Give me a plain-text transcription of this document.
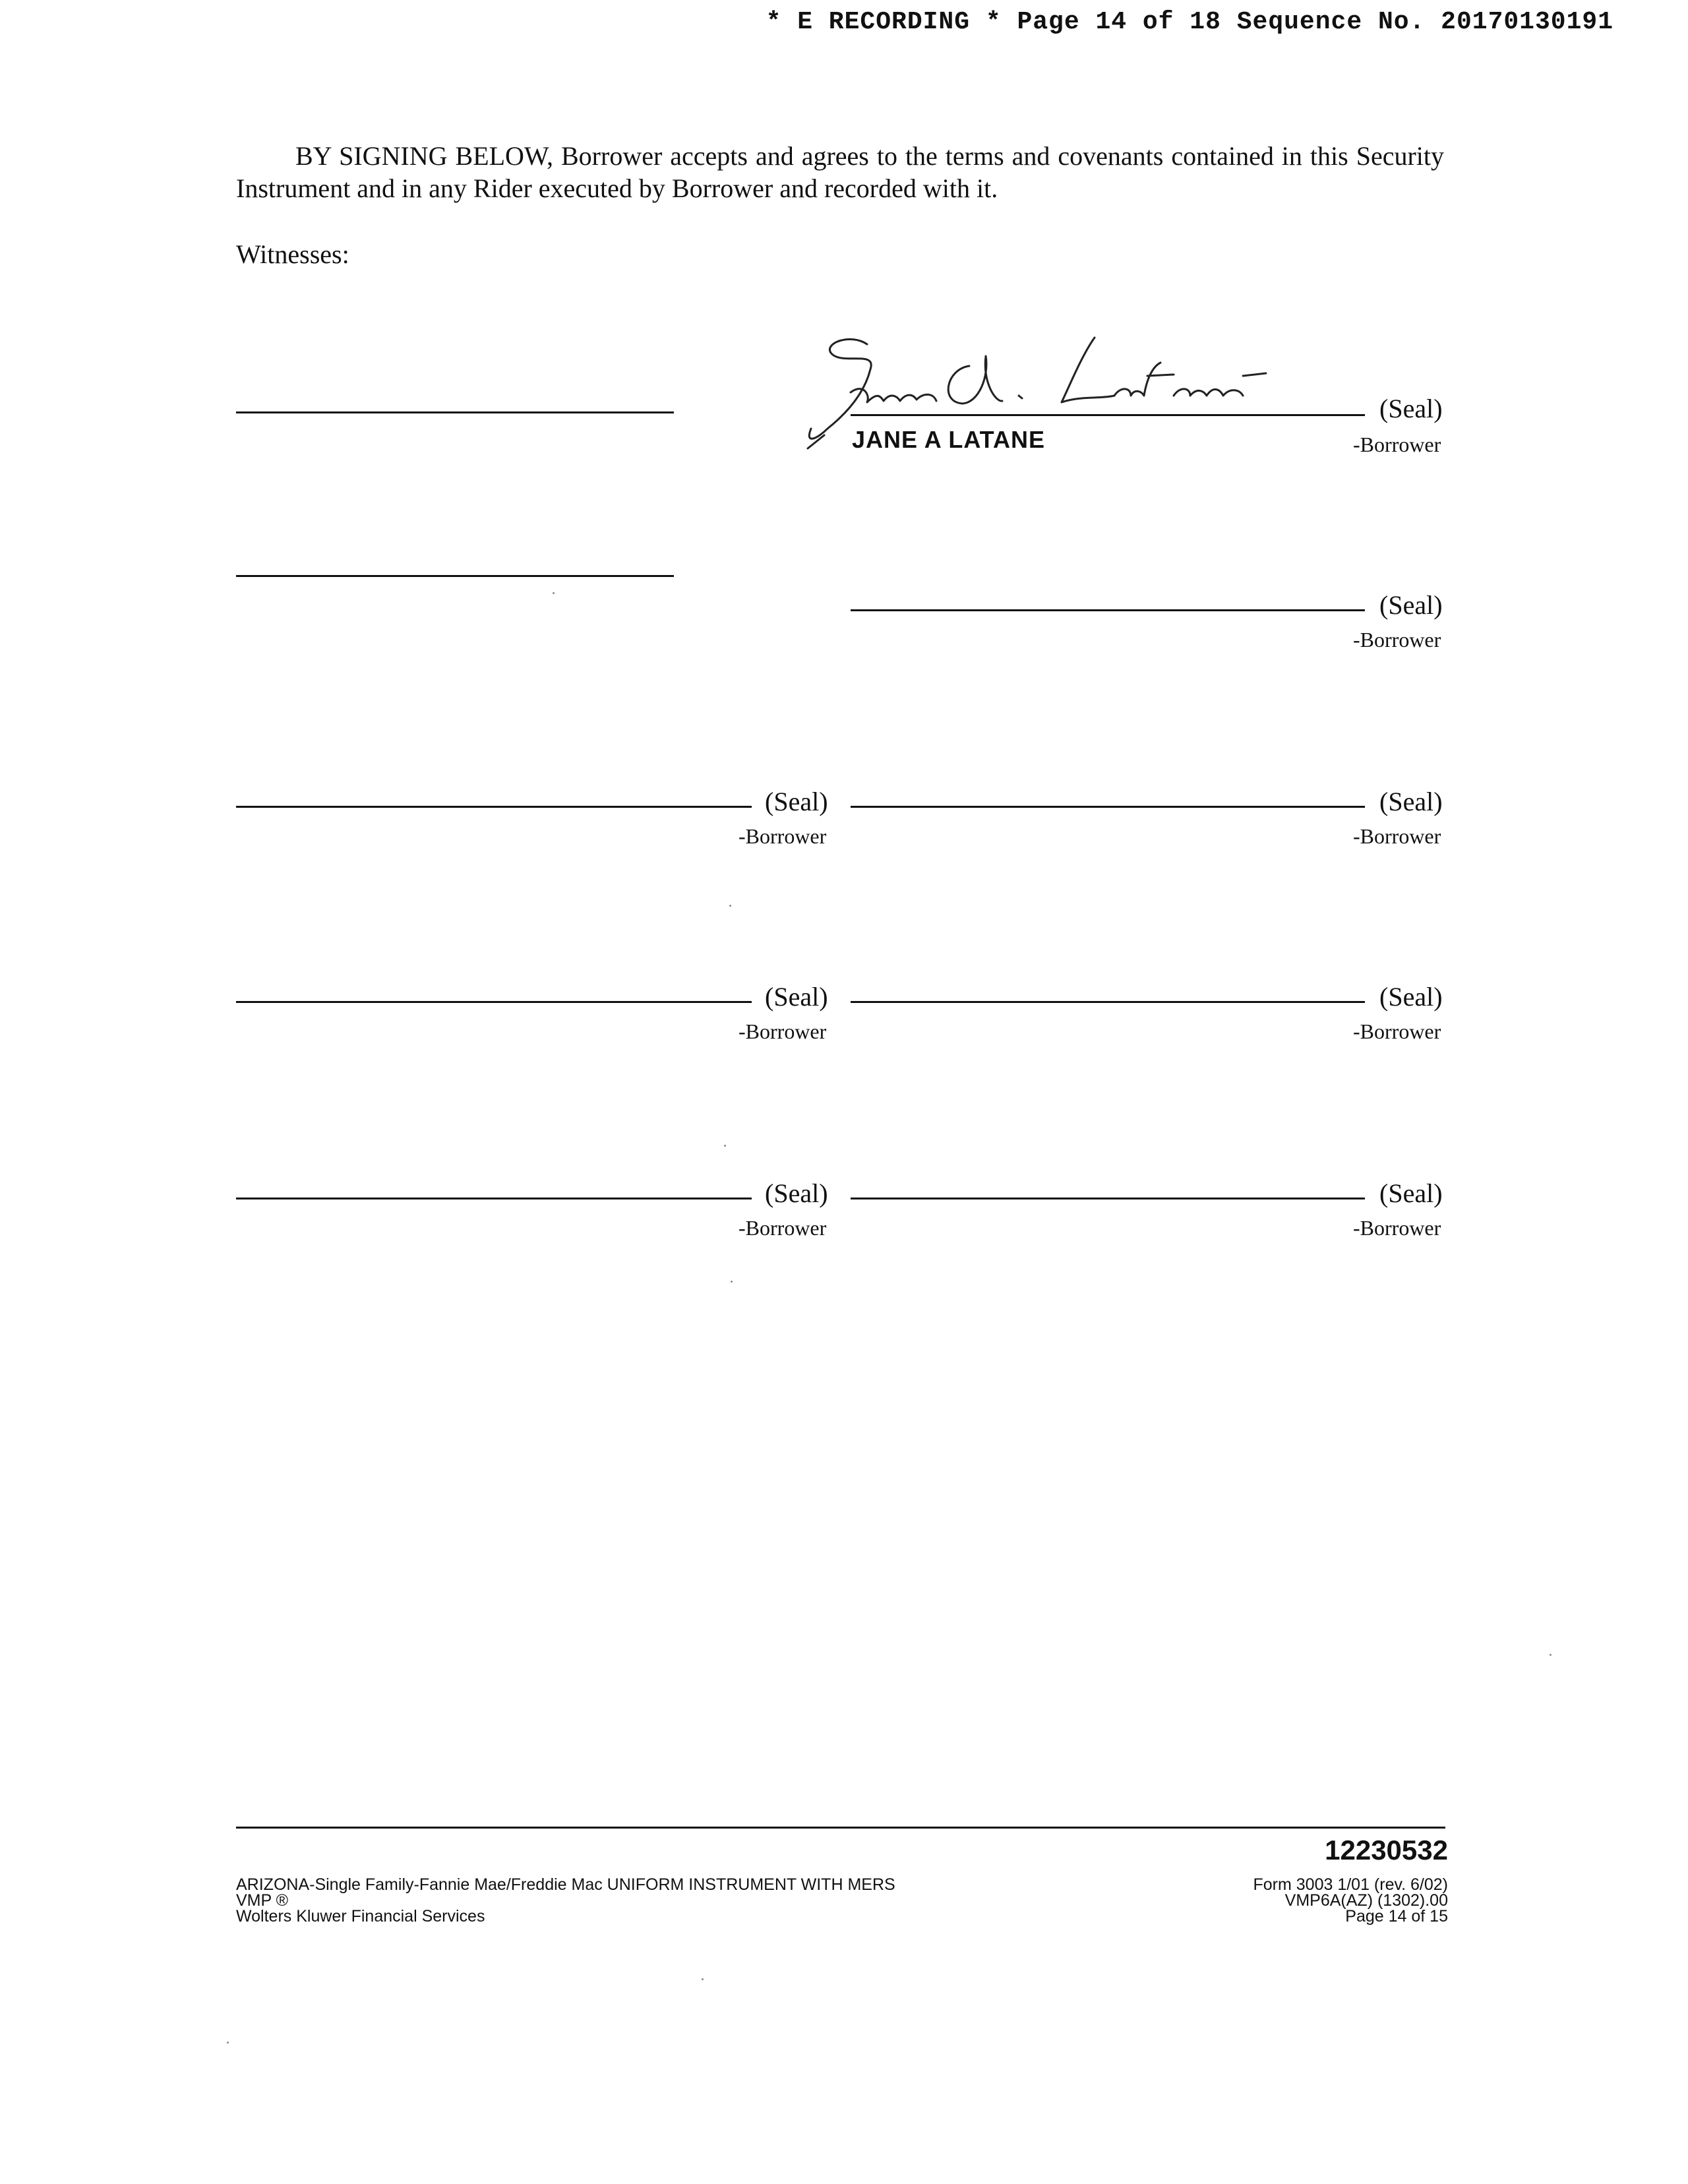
* E RECORDING * Page 14 of 18 Sequence No. 20170130191
BY SIGNING BELOW, Borrower accepts and agrees to the terms and covenants contained in this Security Instrument and in any Rider executed by Borrower and recorded with it.
Witnesses:
(Seal)
JANE A LATANE	-Borrower
(Seal)
-Borrower
(Seal)
-Borrower
(Seal)
-Borrower
(Seal)
-Borrower
(Seal)
-Borrower
(Seal)
-Borrower
(Seal)
-Borrower
12230532
ARIZONA-Single Family-Fannie Mae/Freddie Mac UNIFORM INSTRUMENT WITH MERS
VMP ®
Wolters Kluwer Financial Services
Form 3003 1/01 (rev. 6/02)
VMP6A(AZ) (1302).00
Page 14 of 15
